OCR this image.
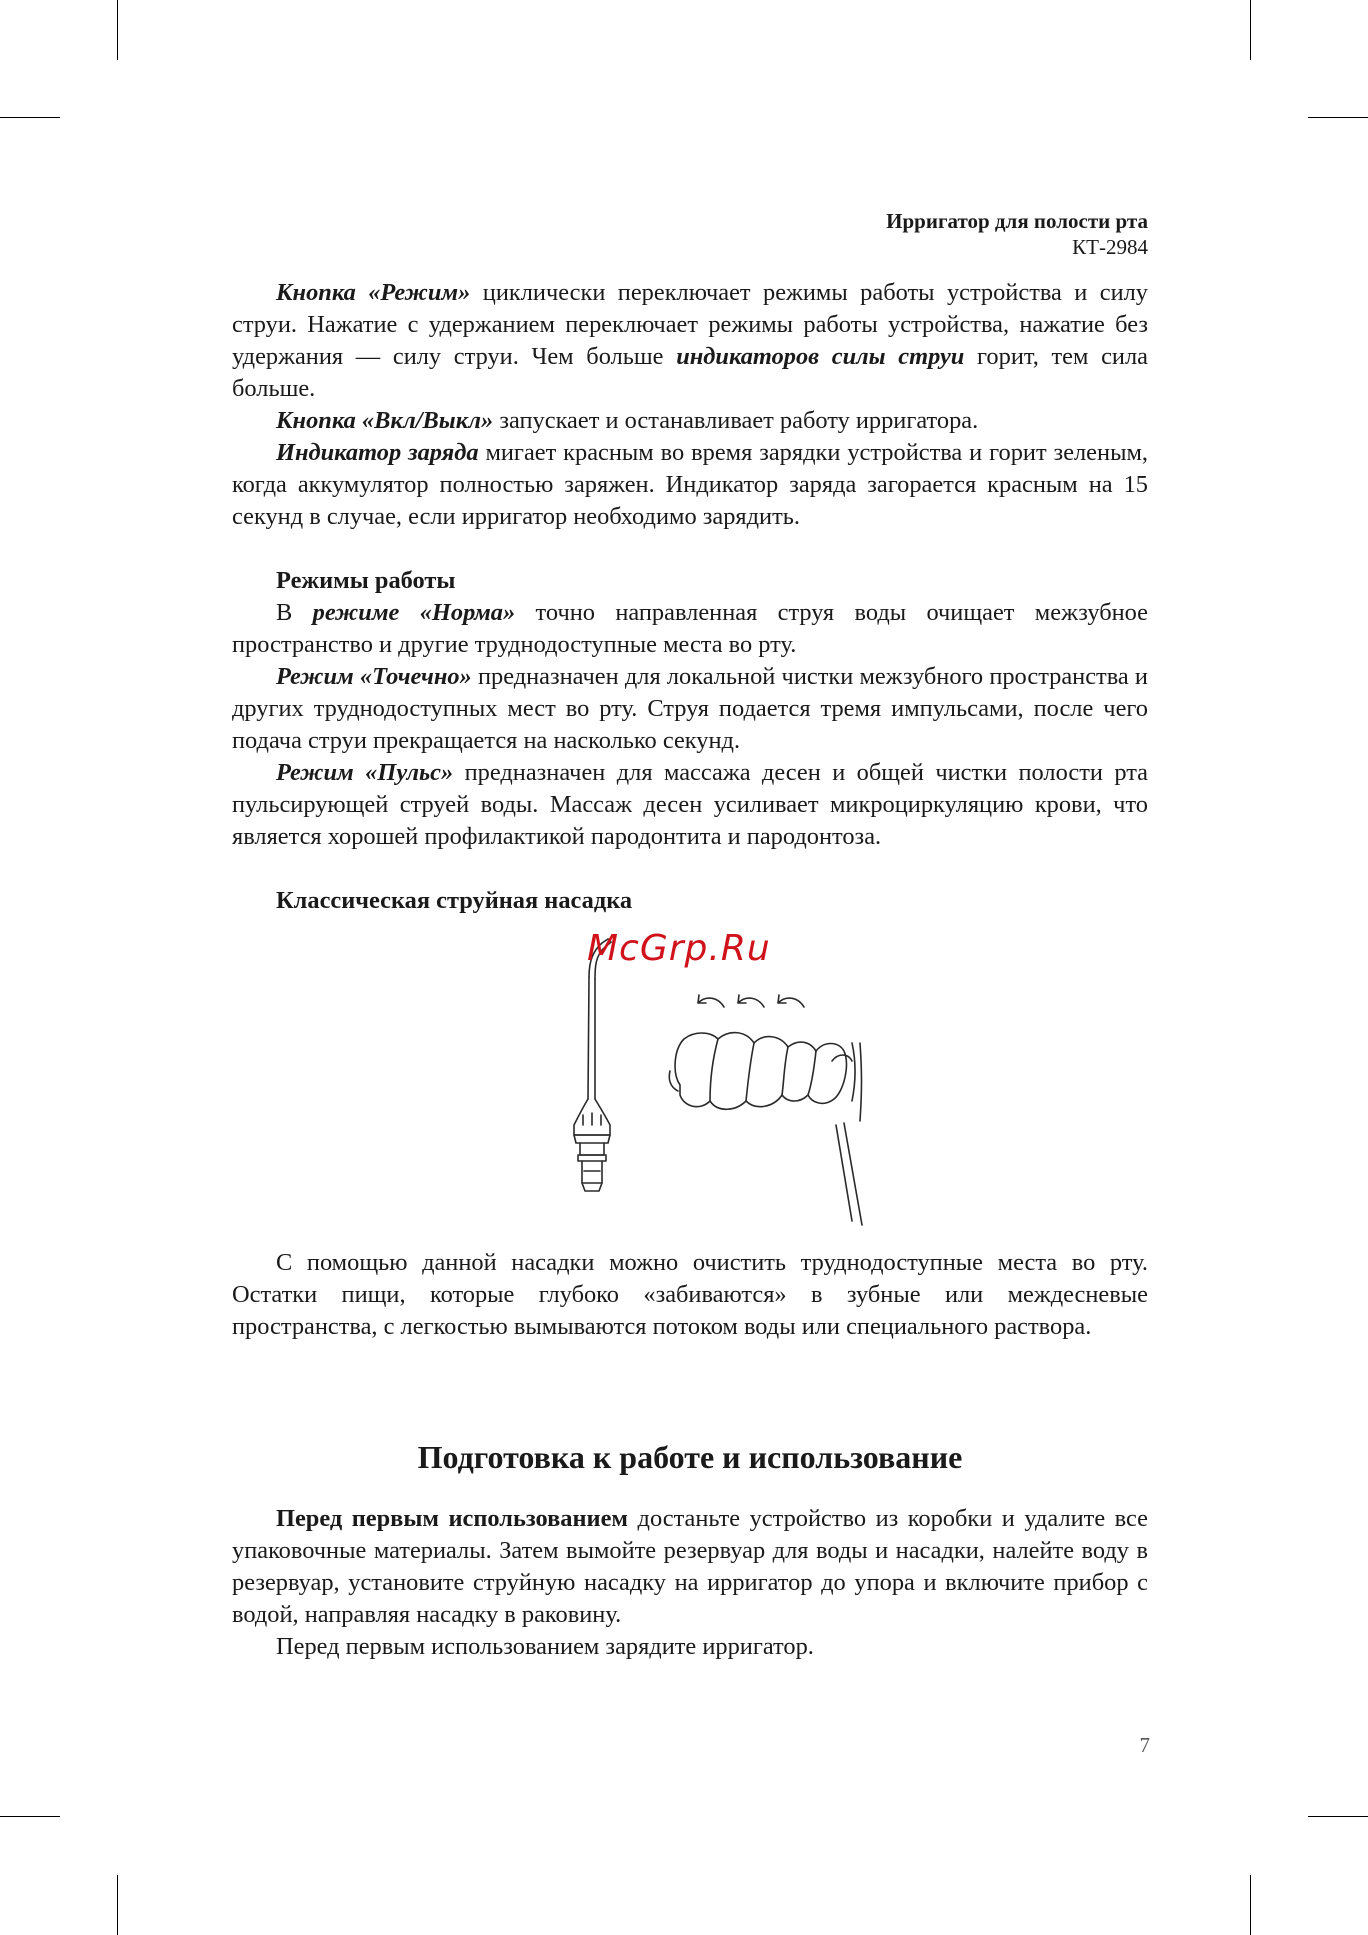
Ирригатор для полости рта
КТ-2984

Кнопка «Режим» циклически переключает режимы работы устройства и силу струи. Нажатие с удержанием переключает режимы работы устройства, нажатие без удержания — силу струи. Чем больше индикаторов силы струи горит, тем сила больше.

Кнопка «Вкл/Выкл» запускает и останавливает работу ирригатора.

Индикатор заряда мигает красным во время зарядки устройства и горит зеленым, когда аккумулятор полностью заряжен. Индикатор заряда загорается красным на 15 секунд в случае, если ирригатор необходимо зарядить.

Режимы работы

В режиме «Норма» точно направленная струя воды очищает межзубное пространство и другие труднодоступные места во рту.

Режим «Точечно» предназначен для локальной чистки межзубного пространства и других труднодоступных мест во рту. Струя подается тремя импульсами, после чего подача струи прекращается на насколько секунд.

Режим «Пульс» предназначен для массажа десен и общей чистки полости рта пульсирующей струей воды. Массаж десен усиливает микроциркуляцию крови, что является хорошей профилактикой пародонтита и пародонтоза.

Классическая струйная насадка

McGrp.Ru

С помощью данной насадки можно очистить труднодоступные места во рту. Остатки пищи, которые глубоко «забиваются» в зубные или междесневые пространства, с легкостью вымываются потоком воды или специального раствора.

Подготовка к работе и использование

Перед первым использованием достаньте устройство из коробки и удалите все упаковочные материалы. Затем вымойте резервуар для воды и насадки, налейте воду в резервуар, установите струйную насадку на ирригатор до упора и включите прибор с водой, направляя насадку в раковину.

Перед первым использованием зарядите ирригатор.

7
